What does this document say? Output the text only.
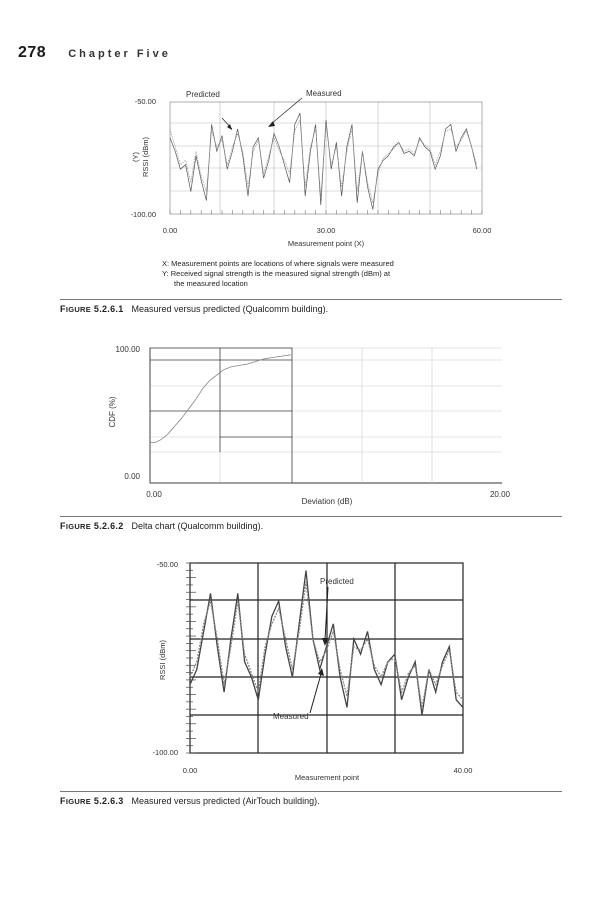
278 Chapter Five
Predicted	Measured
-50.00
-100.00
0.00	30.00	60.00
Measurement point (X)
(Y) RSSI (dBm)
X: Measurement points are locations of where signals were measured
Y: Received signal strength is the measured signal strength (dBm) at
the measured location
FIGURE 5.2.6.1 Measured versus predicted (Qualcomm building).
100.00
0.00
0.00	20.00
Deviation (dB)
CDF (%)
FIGURE 5.2.6.2 Delta chart (Qualcomm building).
Predicted
Measured
-50.00
-100.00
0.00	40.00
Measurement point
RSSI (dBm)
FIGURE 5.2.6.3 Measured versus predicted (AirTouch building).
